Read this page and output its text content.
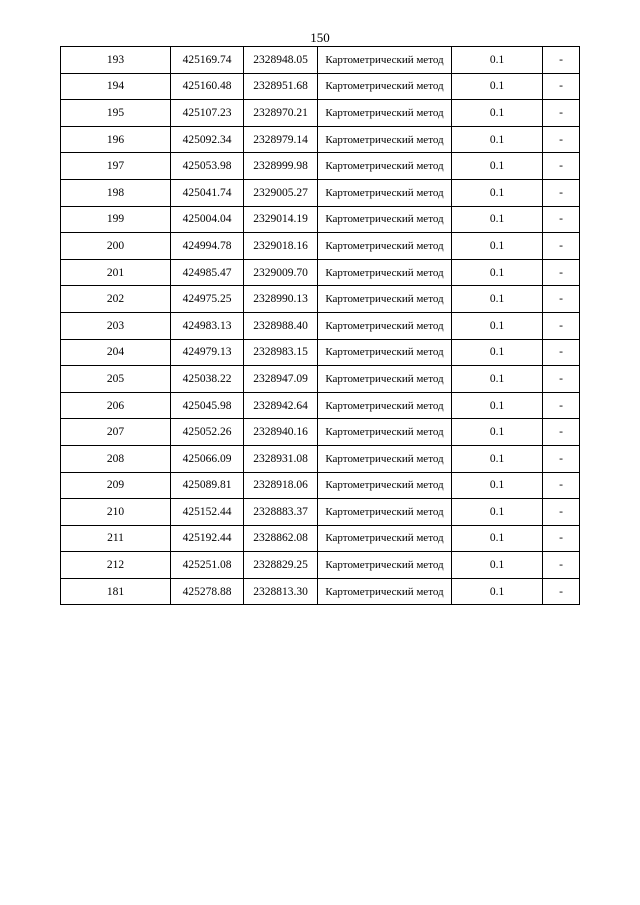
150
193	425169.74	2328948.05	Картометрический метод	0.1	-
194	425160.48	2328951.68	Картометрический метод	0.1	-
195	425107.23	2328970.21	Картометрический метод	0.1	-
196	425092.34	2328979.14	Картометрический метод	0.1	-
197	425053.98	2328999.98	Картометрический метод	0.1	-
198	425041.74	2329005.27	Картометрический метод	0.1	-
199	425004.04	2329014.19	Картометрический метод	0.1	-
200	424994.78	2329018.16	Картометрический метод	0.1	-
201	424985.47	2329009.70	Картометрический метод	0.1	-
202	424975.25	2328990.13	Картометрический метод	0.1	-
203	424983.13	2328988.40	Картометрический метод	0.1	-
204	424979.13	2328983.15	Картометрический метод	0.1	-
205	425038.22	2328947.09	Картометрический метод	0.1	-
206	425045.98	2328942.64	Картометрический метод	0.1	-
207	425052.26	2328940.16	Картометрический метод	0.1	-
208	425066.09	2328931.08	Картометрический метод	0.1	-
209	425089.81	2328918.06	Картометрический метод	0.1	-
210	425152.44	2328883.37	Картометрический метод	0.1	-
211	425192.44	2328862.08	Картометрический метод	0.1	-
212	425251.08	2328829.25	Картометрический метод	0.1	-
181	425278.88	2328813.30	Картометрический метод	0.1	-
